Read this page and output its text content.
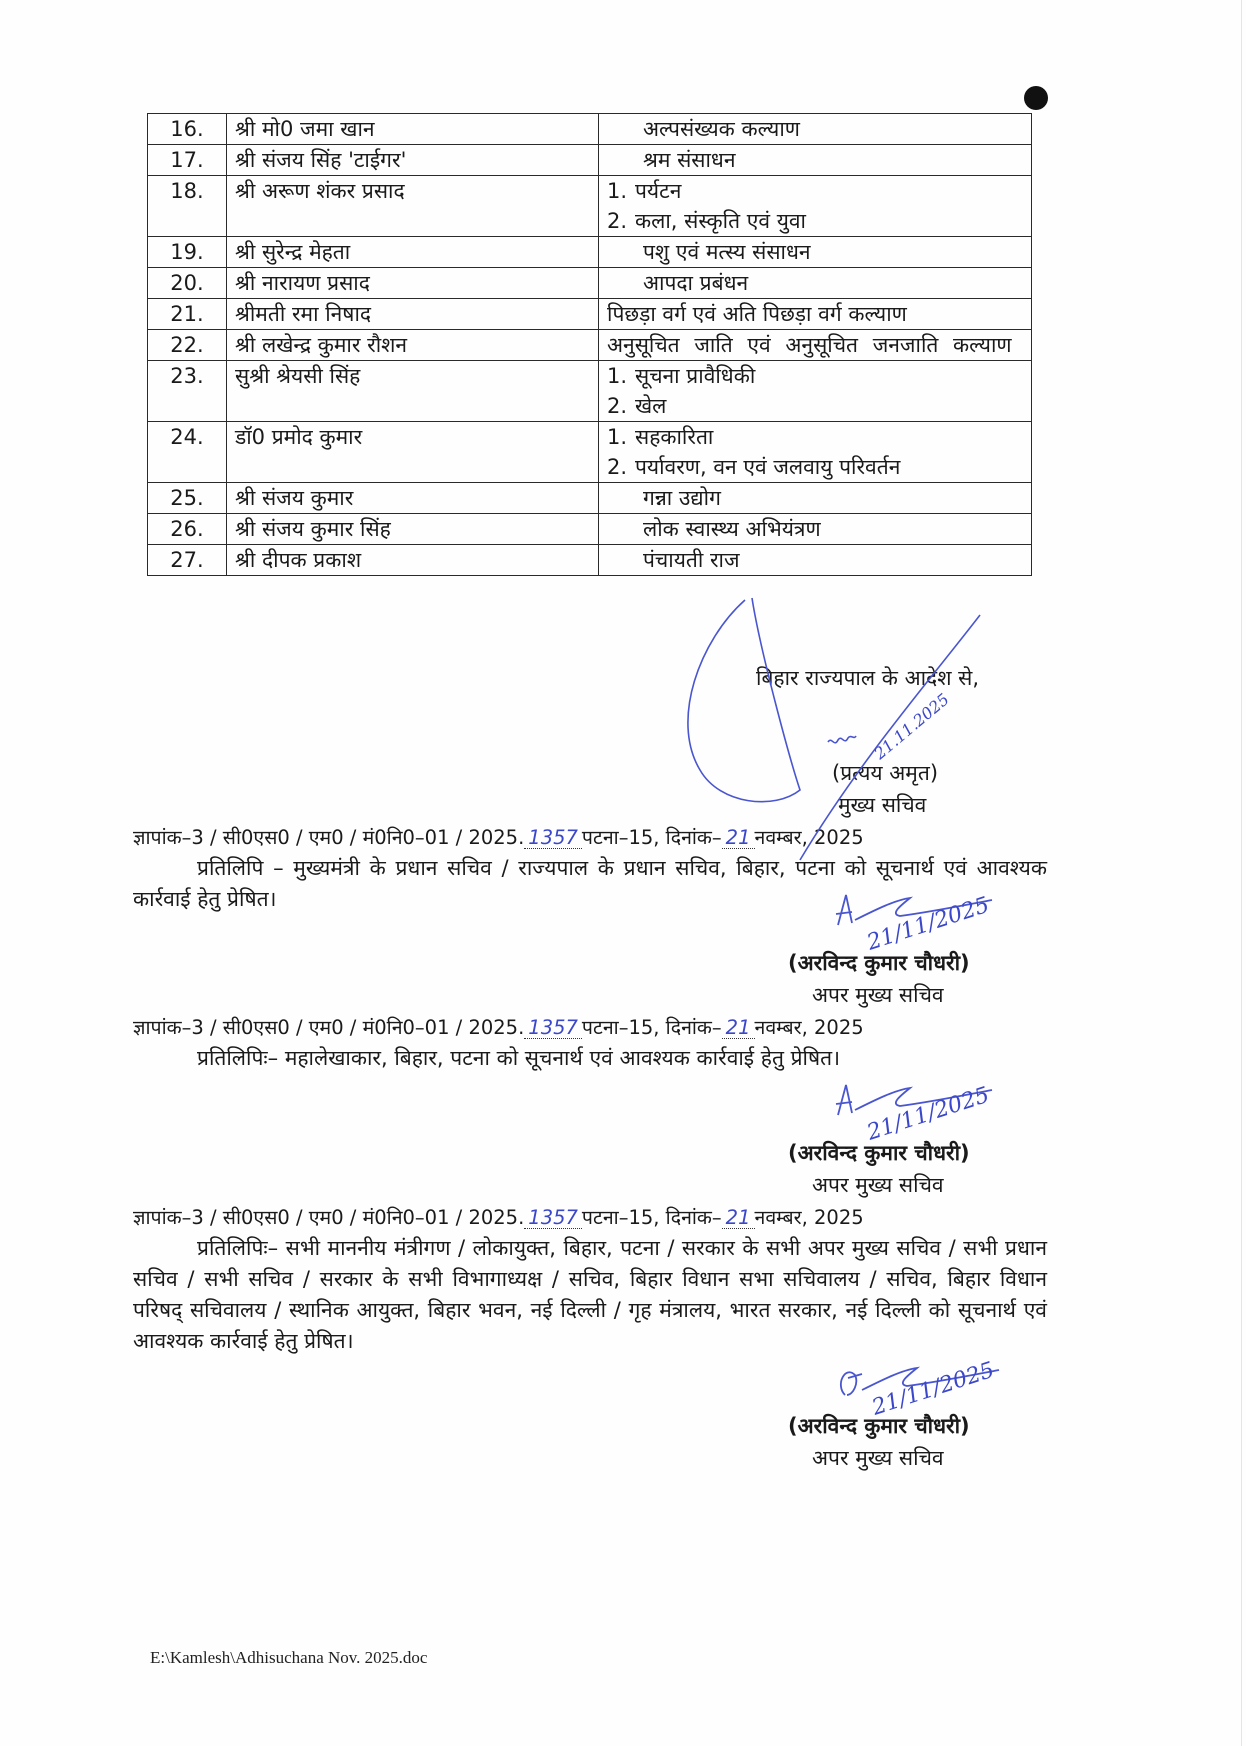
16.	श्री मो0 जमा खान	अल्पसंख्यक कल्याण

17.	श्री संजय सिंह 'टाईगर'	श्रम संसाधन

18.	श्री अरूण शंकर प्रसाद	1. पर्यटन
2. कला, संस्कृति एवं युवा

19.	श्री सुरेन्द्र मेहता	पशु एवं मत्स्य संसाधन

20.	श्री नारायण प्रसाद	आपदा प्रबंधन

21.	श्रीमती रमा निषाद	पिछड़ा वर्ग एवं अति पिछड़ा वर्ग कल्याण

22.	श्री लखेन्द्र कुमार रौशन	अनुसूचित जाति एवं अनुसूचित जनजाति कल्याण

23.	सुश्री श्रेयसी सिंह	1. सूचना प्रावैधिकी
2. खेल

24.	डॉ0 प्रमोद कुमार	1. सहकारिता
2. पर्यावरण, वन एवं जलवायु परिवर्तन

25.	श्री संजय कुमार	गन्ना उद्योग

26.	श्री संजय कुमार सिंह	लोक स्वास्थ्य अभियंत्रण

27.	श्री दीपक प्रकाश	पंचायती राज
बिहार राज्यपाल के आदेश से,
(प्रत्यय अमृत)
मुख्य सचिव
ज्ञापांक–3 / सी0एस0 / एम0 / मं0नि0–01 / 2025. 1357 पटना–15, दिनांक– 21 नवम्बर, 2025
प्रतिलिपि – मुख्यमंत्री के प्रधान सचिव / राज्यपाल के प्रधान सचिव, बिहार, पटना को सूचनार्थ एवं आवश्यक कार्रवाई हेतु प्रेषित।
(अरविन्द कुमार चौधरी)
अपर मुख्य सचिव
ज्ञापांक–3 / सी0एस0 / एम0 / मं0नि0–01 / 2025. 1357 पटना–15, दिनांक– 21 नवम्बर, 2025
प्रतिलिपिः– महालेखाकार, बिहार, पटना को सूचनार्थ एवं आवश्यक कार्रवाई हेतु प्रेषित।
(अरविन्द कुमार चौधरी)
अपर मुख्य सचिव
ज्ञापांक–3 / सी0एस0 / एम0 / मं0नि0–01 / 2025. 1357 पटना–15, दिनांक– 21 नवम्बर, 2025
प्रतिलिपिः– सभी माननीय मंत्रीगण / लोकायुक्त, बिहार, पटना / सरकार के सभी अपर मुख्य सचिव / सभी प्रधान सचिव / सभी सचिव / सरकार के सभी विभागाध्यक्ष / सचिव, बिहार विधान सभा सचिवालय / सचिव, बिहार विधान परिषद् सचिवालय / स्थानिक आयुक्त, बिहार भवन, नई दिल्ली / गृह मंत्रालय, भारत सरकार, नई दिल्ली को सूचनार्थ एवं आवश्यक कार्रवाई हेतु प्रेषित।
(अरविन्द कुमार चौधरी)
अपर मुख्य सचिव
E:\Kamlesh\Adhisuchana Nov. 2025.doc
21.11.2025
21/11/2025
21/11/2025
21/11/2025
